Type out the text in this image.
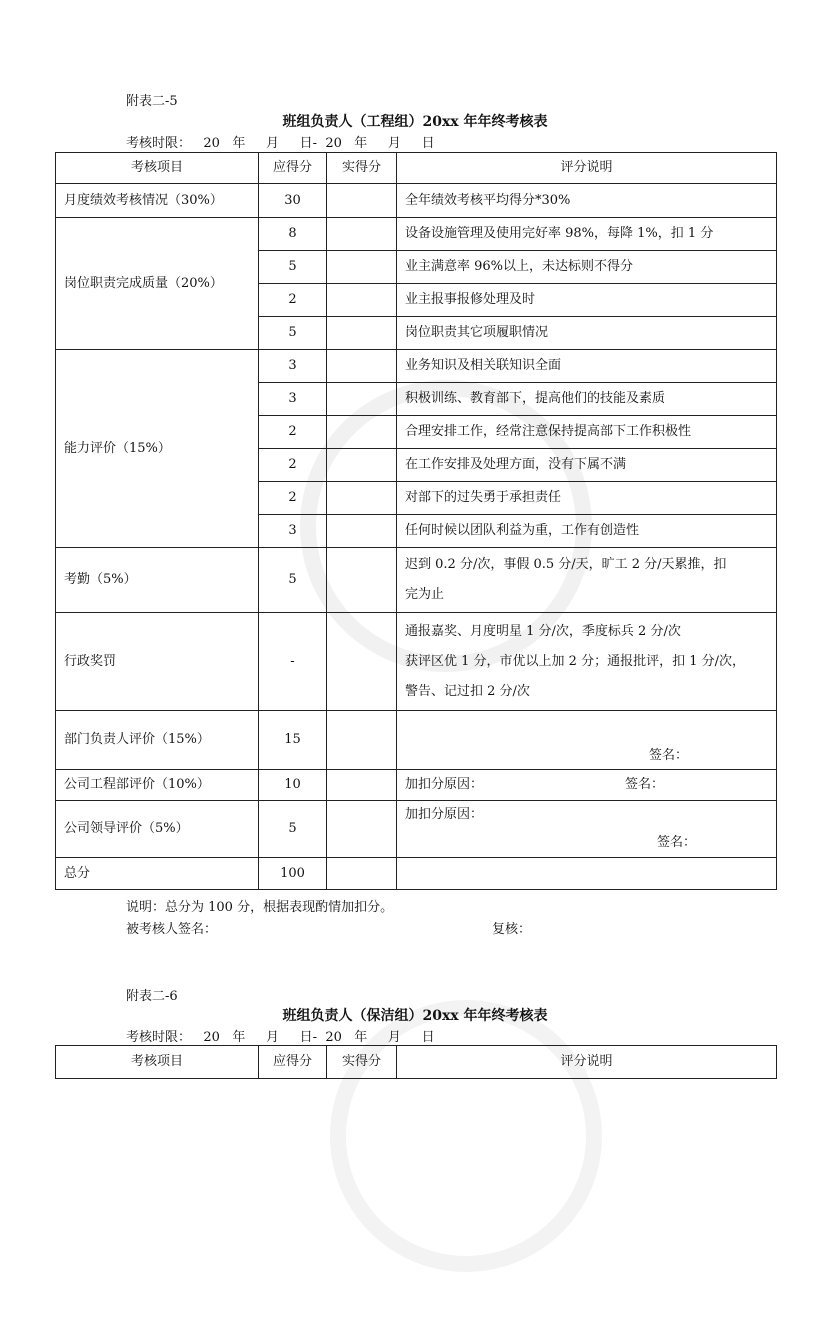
附表二-5
班组负责人（工程组）20xx 年年终考核表
考核时限：   20   年     月     日-  20   年     月     日
考核项目	应得分	实得分	评分说明
月度绩效考核情况（30%）	30		全年绩效考核平均得分*30%
岗位职责完成质量（20%）	8		设备设施管理及使用完好率 98%，每降 1%，扣 1 分
	5		业主满意率 96%以上，未达标则不得分
	2		业主报事报修处理及时
	5		岗位职责其它项履职情况
能力评价（15%）	3		业务知识及相关联知识全面
	3		积极训练、教育部下，提高他们的技能及素质
	2		合理安排工作，经常注意保持提高部下工作积极性
	2		在工作安排及处理方面，没有下属不满
	2		对部下的过失勇于承担责任
	3		任何时候以团队利益为重，工作有创造性
考勤（5%）	5		迟到 0.2 分/次，事假 0.5 分/天，旷工 2 分/天累推，扣
完为止

行政奖罚	-		通报嘉奖、月度明星 1 分/次，季度标兵 2 分/次
获评区优 1 分，市优以上加 2 分；通报批评，扣 1 分/次，
警告、记过扣 2 分/次

部门负责人评价（15%）	15		签名：

公司工程部评价（10%）	10		加扣分原因： 签名：

公司领导评价（5%）	5		加扣分原因：
签名：

总分	100		
说明：总分为 100 分，根据表现酌情加扣分。
被考核人签名：	复核：
附表二-6
班组负责人（保洁组）20xx 年年终考核表
考核时限：   20   年     月     日-  20   年     月     日
考核项目	应得分	实得分	评分说明
